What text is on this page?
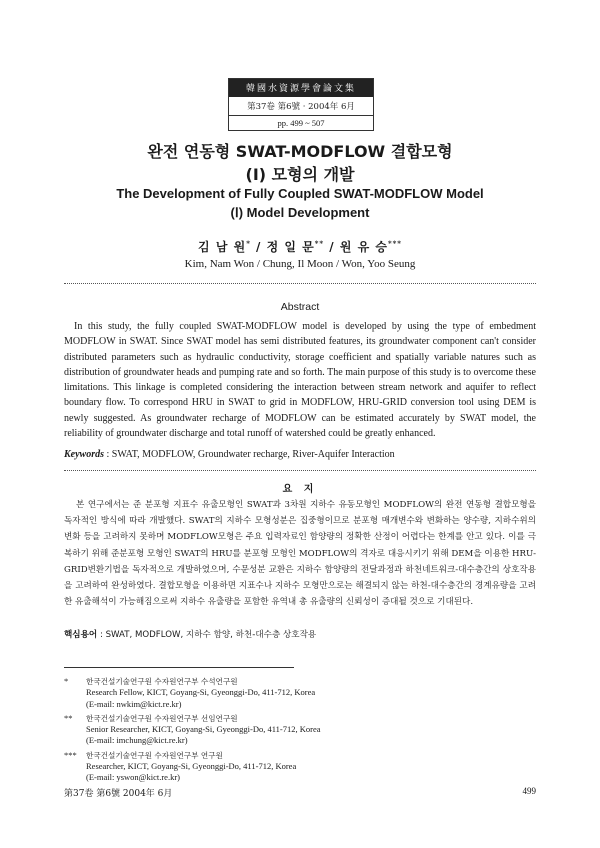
韓國水資源學會論文集
第37卷 第6號 · 2004年 6月
pp. 499 ~ 507
완전 연동형 SWAT-MODFLOW 결합모형
(Ⅰ) 모형의 개발
The Development of Fully Coupled SWAT-MODFLOW Model
(Ⅰ) Model Development
김 남 원* / 정 일 문** / 원 유 승***
Kim, Nam Won / Chung, Il Moon / Won, Yoo Seung
Abstract
In this study, the fully coupled SWAT-MODFLOW model is developed by using the type of embedment MODFLOW in SWAT. Since SWAT model has semi distributed features, its groundwater component can't consider distributed parameters such as hydraulic conductivity, storage coefficient and spatially variable natures such as distribution of groundwater heads and pumping rate and so forth. The main purpose of this study is to overcome these limitations. This linkage is completed considering the interaction between stream network and aquifer to reflect boundary flow. To correspond HRU in SWAT to grid in MODFLOW, HRU-GRID conversion tool using DEM is newly suggested. As groundwater recharge of MODFLOW can be estimated accurately by SWAT model, the reliability of groundwater discharge and total runoff of watershed could be greatly enhanced.
Keywords : SWAT, MODFLOW, Groundwater recharge, River-Aquifer Interaction
요 지
본 연구에서는 준 분포형 지표수 유출모형인 SWAT과 3차원 지하수 유동모형인 MODFLOW의 완전 연동형 결합모형을 독자적인 방식에 따라 개발했다. SWAT의 지하수 모형성분은 집중형이므로 분포형 매개변수와 변화하는 양수량, 지하수위의 변화 등을 고려하지 못하며 MODFLOW모형은 주요 입력자료인 함양량의 정확한 산정이 어렵다는 한계를 안고 있다. 이를 극복하기 위해 준분포형 모형인 SWAT의 HRU를 분포형 모형인 MODFLOW의 격자로 대응시키기 위해 DEM을 이용한 HRU-GRID변환기법을 독자적으로 개발하였으며, 수문성분 교환은 지하수 함양량의 전달과정과 하천네트워크-대수층간의 상호작용을 고려하여 완성하였다. 결합모형을 이용하면 지표수나 지하수 모형만으로는 해결되지 않는 하천-대수층간의 경계유량을 고려한 유출해석이 가능해짐으로써 지하수 유출량을 포함한 유역내 총 유출량의 신뢰성이 증대될 것으로 기대된다.
핵심용어 : SWAT, MODFLOW, 지하수 함양, 하천-대수층 상호작용
* 한국건설기술연구원 수자원연구부 수석연구원
Research Fellow, KICT, Goyang-Si, Gyeonggi-Do, 411-712, Korea
(E-mail: nwkim@kict.re.kr)
** 한국건설기술연구원 수자원연구부 선임연구원
Senior Researcher, KICT, Goyang-Si, Gyeonggi-Do, 411-712, Korea
(E-mail: imchung@kict.re.kr)
*** 한국건설기술연구원 수자원연구부 연구원
Researcher, KICT, Goyang-Si, Gyeonggi-Do, 411-712, Korea
(E-mail: yswon@kict.re.kr)
第37卷 第6號 2004年 6月	499
